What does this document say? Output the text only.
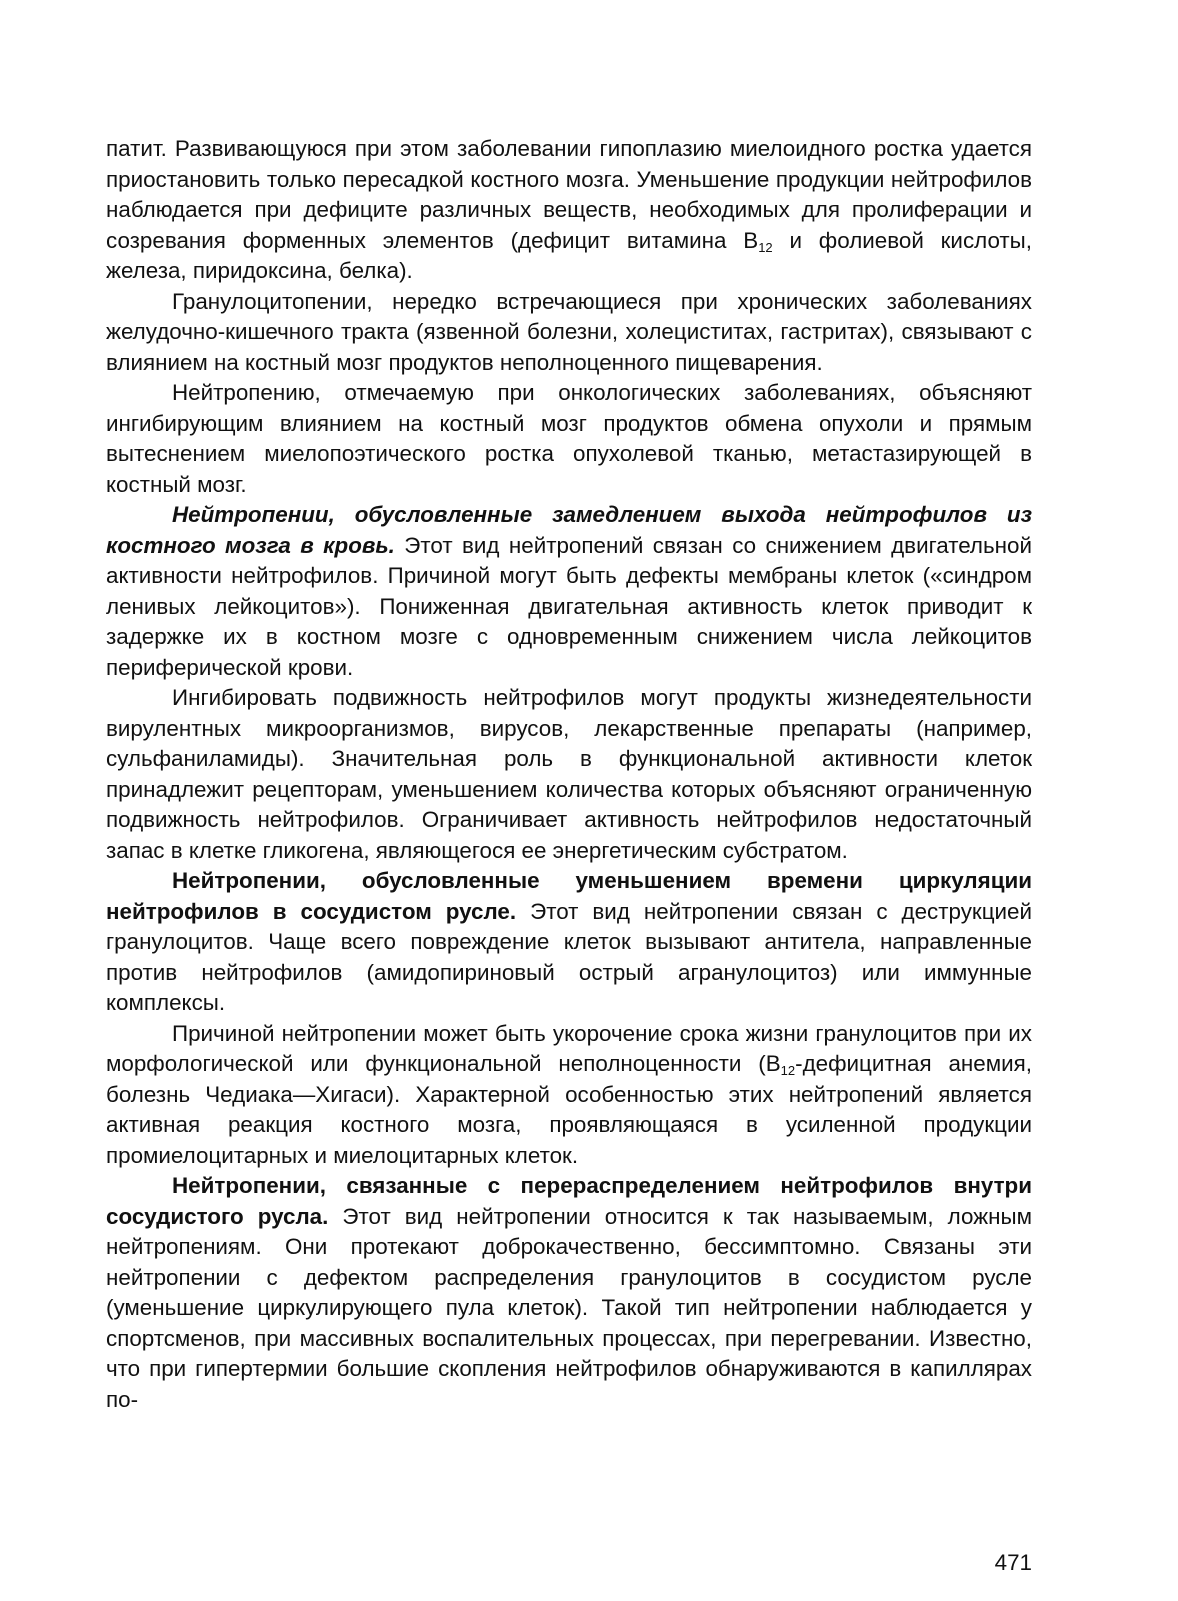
патит. Развивающуюся при этом заболевании гипоплазию миелоидного ростка удается приостановить только пересадкой костного мозга. Уменьшение продукции нейтрофилов наблюдается при дефиците различных веществ, необходимых для пролиферации и созревания форменных элементов (дефицит витамина $B_{12}$ и фолиевой кислоты, железа, пиридоксина, белка).

Гранулоцитопении, нередко встречающиеся при хронических заболеваниях желудочно-кишечного тракта (язвенной болезни, холециститах, гастритах), связывают с влиянием на костный мозг продуктов неполноценного пищеварения.

Нейтропению, отмечаемую при онкологических заболеваниях, объясняют ингибирующим влиянием на костный мозг продуктов обмена опухоли и прямым вытеснением миелопоэтического ростка опухолевой тканью, метастазирующей в костный мозг.

Нейтропении, обусловленные замедлением выхода нейтрофилов из костного мозга в кровь. Этот вид нейтропений связан со снижением двигательной активности нейтрофилов. Причиной могут быть дефекты мембраны клеток («синдром ленивых лейкоцитов»). Пониженная двигательная активность клеток приводит к задержке их в костном мозге с одновременным снижением числа лейкоцитов периферической крови.

Ингибировать подвижность нейтрофилов могут продукты жизнедеятельности вирулентных микроорганизмов, вирусов, лекарственные препараты (например, сульфаниламиды). Значительная роль в функциональной активности клеток принадлежит рецепторам, уменьшением количества которых объясняют ограниченную подвижность нейтрофилов. Ограничивает активность нейтрофилов недостаточный запас в клетке гликогена, являющегося ее энергетическим субстратом.

Нейтропении, обусловленные уменьшением времени циркуляции нейтрофилов в сосудистом русле. Этот вид нейтропении связан с деструкцией гранулоцитов. Чаще всего повреждение клеток вызывают антитела, направленные против нейтрофилов (амидопириновый острый агранулоцитоз) или иммунные комплексы.

Причиной нейтропении может быть укорочение срока жизни гранулоцитов при их морфологической или функциональной неполноценности ($B_{12}$-дефицитная анемия, болезнь Чедиака—Хигаси). Характерной особенностью этих нейтропений является активная реакция костного мозга, проявляющаяся в усиленной продукции промиелоцитарных и миелоцитарных клеток.

Нейтропении, связанные с перераспределением нейтрофилов внутри сосудистого русла. Этот вид нейтропении относится к так называемым, ложным нейтропениям. Они протекают доброкачественно, бессимптомно. Связаны эти нейтропении с дефектом распределения гранулоцитов в сосудистом русле (уменьшение циркулирующего пула клеток). Такой тип нейтропении наблюдается у спортсменов, при массивных воспалительных процессах, при перегревании. Известно, что при гипертермии большие скопления нейтрофилов обнаруживаются в капиллярах по-

471
